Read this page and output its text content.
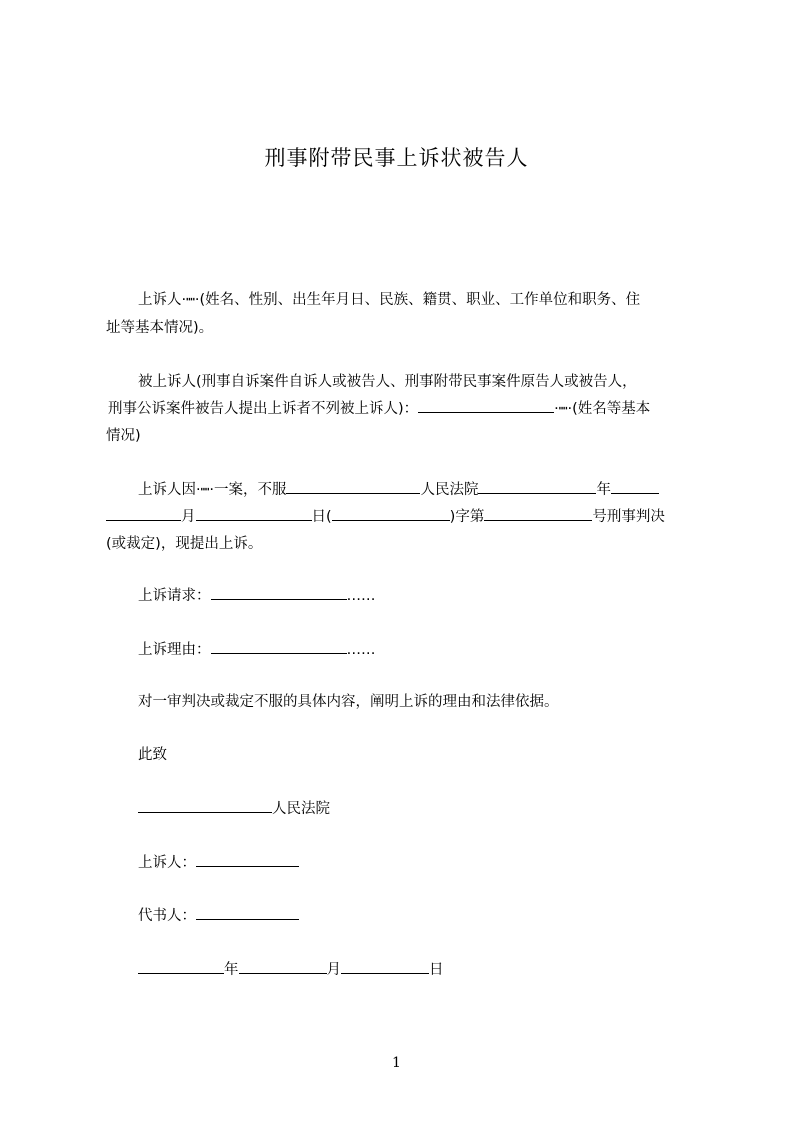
刑事附带民事上诉状被告人
上诉人·┉·(姓名、性别、出生年月日、民族、籍贯、职业、工作单位和职务、住
址等基本情况)。
被上诉人(刑事自诉案件自诉人或被告人、刑事附带民事案件原告人或被告人，
刑事公诉案件被告人提出上诉者不列被上诉人)：	·┉·(姓名等基本
情况)
上诉人因·┉·一案，不服	人民法院	年
月	日(	)字第	号刑事判决
(或裁定)，现提出上诉。
上诉请求：	……
上诉理由：	……
对一审判决或裁定不服的具体内容，阐明上诉的理由和法律依据。
此致
人民法院
上诉人：
代书人：
年	月	日
1
